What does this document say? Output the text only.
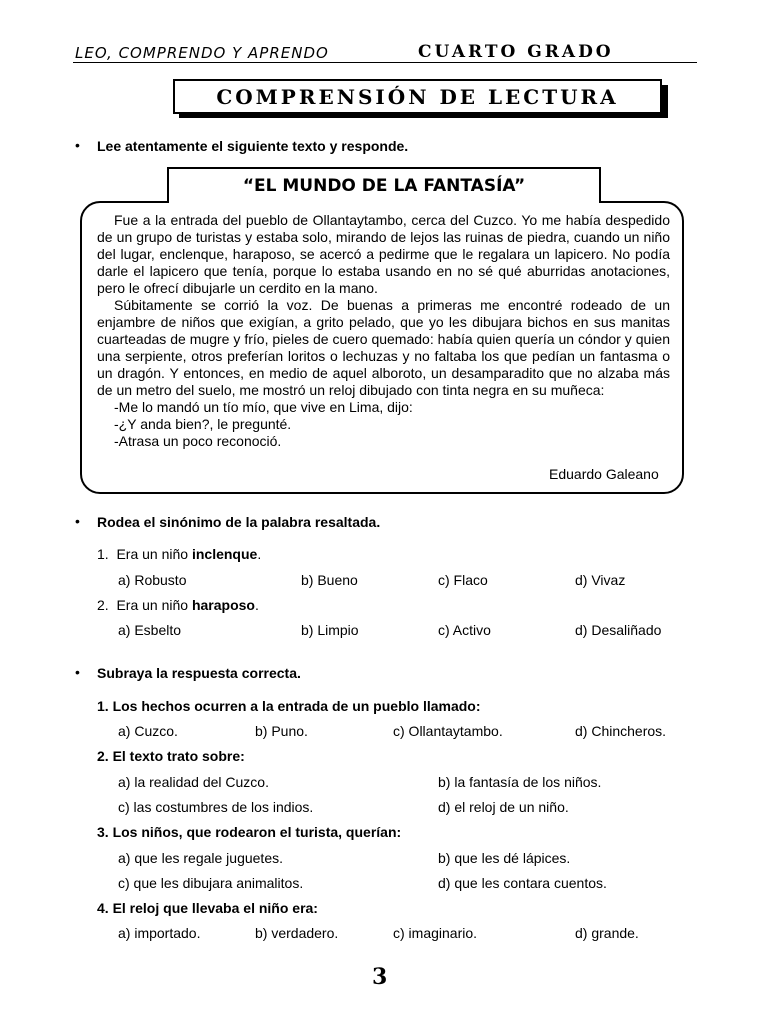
LEO, COMPRENDO Y APRENDO	CUARTO GRADO
COMPRENSIÓN DE LECTURA
• Lee atentamente el siguiente texto y responde.
“EL MUNDO DE LA FANTASÍA”

Fue a la entrada del pueblo de Ollantaytambo, cerca del Cuzco. Yo me había despedido de un grupo de turistas y estaba solo, mirando de lejos las ruinas de piedra, cuando un niño del lugar, enclenque, haraposo, se acercó a pedirme que le regalara un lapicero. No podía darle el lapicero que tenía, porque lo estaba usando en no sé qué aburridas anotaciones, pero le ofrecí dibujarle un cerdito en la mano.

Súbitamente se corrió la voz. De buenas a primeras me encontré rodeado de un enjambre de niños que exigían, a grito pelado, que yo les dibujara bichos en sus manitas cuarteadas de mugre y frío, pieles de cuero quemado: había quien quería un cóndor y quien una serpiente, otros preferían loritos o lechuzas y no faltaba los que pedían un fantasma o un dragón. Y entonces, en medio de aquel alboroto, un desamparadito que no alzaba más de un metro del suelo, me mostró un reloj dibujado con tinta negra en su muñeca:

-Me lo mandó un tío mío, que vive en Lima, dijo:

-¿Y anda bien?, le pregunté.

-Atrasa un poco reconoció.

Eduardo Galeano
• Rodea el sinónimo de la palabra resaltada.
1. Era un niño inclenque.
a) Robusto	b) Bueno	c) Flaco	d) Vivaz
2. Era un niño haraposo.
a) Esbelto	b) Limpio	c) Activo	d) Desaliñado
• Subraya la respuesta correcta.
1. Los hechos ocurren a la entrada de un pueblo llamado:
a) Cuzco.	b) Puno.	c) Ollantaytambo.	d) Chincheros.
2. El texto trato sobre:
a) la realidad del Cuzco.	b) la fantasía de los niños.
c) las costumbres de los indios.	d) el reloj de un niño.
3. Los niños, que rodearon el turista, querían:
a) que les regale juguetes.	b) que les dé lápices.
c) que les dibujara animalitos.	d) que les contara cuentos.
4. El reloj que llevaba el niño era:
a) importado.	b) verdadero.	c) imaginario.	d) grande.
3
